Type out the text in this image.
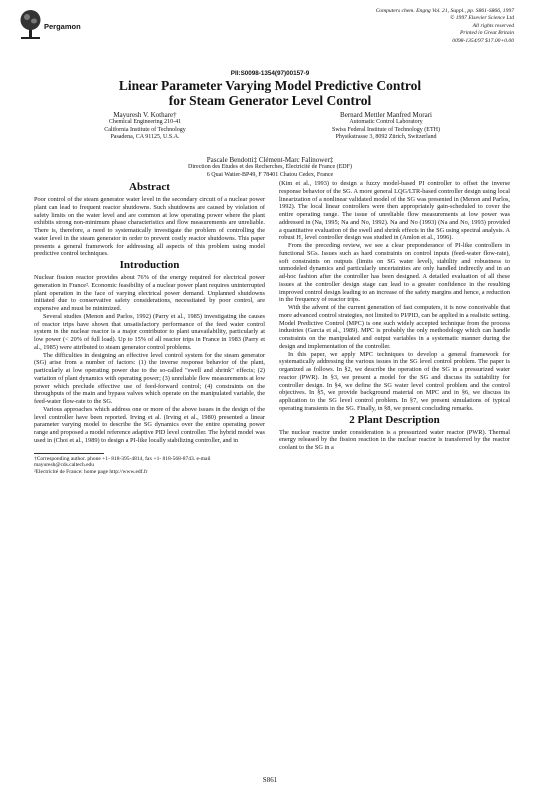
Pergamon
Computers chem. Engng Vol. 21, Suppl., pp. S861-S866, 1997
© 1997 Elsevier Science Ltd
All rights reserved
Printed in Great Britain
0098-1354/97 $17.00+0.00
PII:S0098-1354(97)00157-9
Linear Parameter Varying Model Predictive Control
for Steam Generator Level Control
Mayuresh V. Kothare†
Chemical Engineering 210-41
California Institute of Technology
Pasadena, CA 91125, U.S.A.
Bernard Mettler Manfred Morari
Automatic Control Laboratory
Swiss Federal Institute of Technology (ETH)
Physikstrasse 3, 8092 Zürich, Switzerland
Pascale Bendotti‡ Clément-Marc Falinower‡
Direction des Etudes et des Recherches, Electricité de France (EDF)
6 Quai Watier-BP49, F 78401 Chatou Cedex, France
Abstract

Poor control of the steam generator water level in the secondary circuit of a nuclear power plant can lead to frequent reactor shutdowns. Such shutdowns are caused by violation of safety limits on the water level and are common at low operating power where the plant exhibits strong non-minimum phase characteristics and flow measurements are unreliable. There is, therefore, a need to systematically investigate the problem of controlling the water level in the steam generator in order to prevent costly reactor shutdowns. This paper presents a general framework for addressing all aspects of this problem using model predictive control techniques.

Introduction

Nuclear fission reactor provides about 76% of the energy required for electrical power generation in France². Economic feasibility of a nuclear power plant requires uninterrupted plant operation in the face of varying electrical power demand. Unplanned shutdowns initiated due to conservative safety considerations, necessitated by poor control, are expensive and must be minimized.

Several studies (Menon and Parlos, 1992) (Parry et al., 1985) investigating the causes of reactor trips have shown that unsatisfactory performance of the feed water control system in the nuclear reactor is a major contributor to plant unavailability, particularly at low power (< 20% of full load). Up to 15% of all reactor trips in France in 1983 (Parry et al., 1985) were attributed to steam generator control problems.

The difficulties in designing an effective level control system for the steam generator (SG) arise from a number of factors: (1) the inverse response behavior of the plant, particularly at low operating power due to the so-called "swell and shrink" effects; (2) variation of plant dynamics with operating power; (3) unreliable flow measurements at low power which preclude effective use of feed-forward control; (4) constraints on the throughputs of the main and bypass valves which operate on the manipulated variable, the feed-water flow-rate to the SG.

Various approaches which address one or more of the above issues in the design of the level controller have been reported. Irving et al. (Irving et al., 1980) presented a linear parameter varying model to describe the SG dynamics over the entire operating power range and proposed a model reference adaptive PID level controller. The hybrid model was used in (Choi et al., 1989) to design a PI-like locally stabilizing controller, and in

†Corresponding author. phone +1- 818-395-4814, fax +1- 818-568-8743. e-mail mayuresh@cds.caltech.edu

²Electricité de France: home page http://www.edf.fr

(Kim et al., 1993) to design a fuzzy model-based PI controller to offset the inverse response behavior of the SG. A more general LQG/LTR-based controller design using local linearization of a nonlinear validated model of the SG was presented in (Menon and Parlos, 1992). The local linear controllers were then appropriately gain-scheduled to cover the entire operating range. The issue of unreliable flow measurements at low power was addressed in (Na, 1995; Na and No, 1992). Na and No (1993) (Na and No, 1993) provided a quantitative evaluation of the swell and shrink effects in the SG using spectral analysis. A robust H₂ level controller design was studied in (Amlon et al., 1996).

From the preceding review, we see a clear preponderance of PI-like controllers in functional SGs. Issues such as hard constraints on control inputs (feed-water flow-rate), soft constraints on outputs (limits on SG water level), stability and robustness to unmodeled dynamics and particularly uncertainties are only handled indirectly and in an ad-hoc fashion after the controller has been designed. A detailed evaluation of all these issues at the controller design stage can lead to a greater confidence in the resulting improved control design leading to an increase of the safety margins and hence, a reduction in the frequency of reactor trips.

With the advent of the current generation of fast computers, it is now conceivable that more advanced control strategies, not limited to PI/PID, can be applied in a realistic setting. Model Predictive Control (MPC) is one such widely accepted technique from the process industries (Garcia et al., 1989). MPC is probably the only methodology which can handle constraints on the manipulated and output variables in a systematic manner during the design and implementation of the controller.

In this paper, we apply MPC techniques to develop a general framework for systematically addressing the various issues in the SG level control problem. The paper is organized as follows. In §2, we describe the operation of the SG in a pressurized water reactor (PWR). In §3, we present a model for the SG and discuss its suitability for controller design. In §4, we define the SG water level control problem and the control objectives. In §5, we provide background material on MPC and in §6, we discuss its application to the SG level control problem. In §7, we present simulations of typical operating transients in the SG. Finally, in §8, we present concluding remarks.

2 Plant Description

The nuclear reactor under consideration is a pressurized water reactor (PWR). Thermal energy released by the fission reaction in the nuclear reactor is transferred by the reactor coolant to the SG in a

S861
